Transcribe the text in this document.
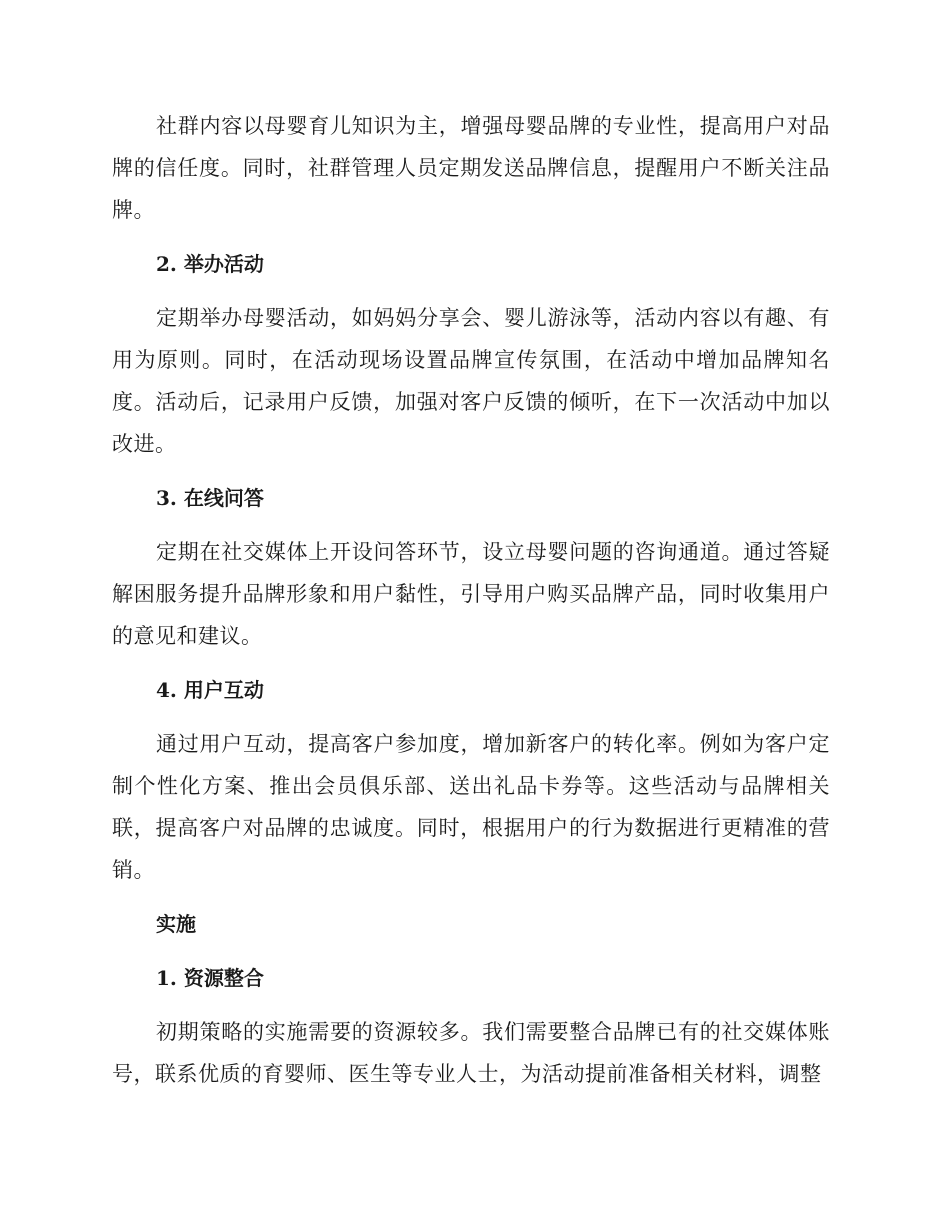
社群内容以母婴育儿知识为主，增强母婴品牌的专业性，提高用户对品牌的信任度。同时，社群管理人员定期发送品牌信息，提醒用户不断关注品牌。

2. 举办活动

定期举办母婴活动，如妈妈分享会、婴儿游泳等，活动内容以有趣、有用为原则。同时，在活动现场设置品牌宣传氛围，在活动中增加品牌知名度。活动后，记录用户反馈，加强对客户反馈的倾听，在下一次活动中加以改进。

3. 在线问答

定期在社交媒体上开设问答环节，设立母婴问题的咨询通道。通过答疑解困服务提升品牌形象和用户黏性，引导用户购买品牌产品，同时收集用户的意见和建议。

4. 用户互动

通过用户互动，提高客户参加度，增加新客户的转化率。例如为客户定制个性化方案、推出会员俱乐部、送出礼品卡券等。这些活动与品牌相关联，提高客户对品牌的忠诚度。同时，根据用户的行为数据进行更精准的营销。

实施

1. 资源整合

初期策略的实施需要的资源较多。我们需要整合品牌已有的社交媒体账号，联系优质的育婴师、医生等专业人士，为活动提前准备相关材料，调整
